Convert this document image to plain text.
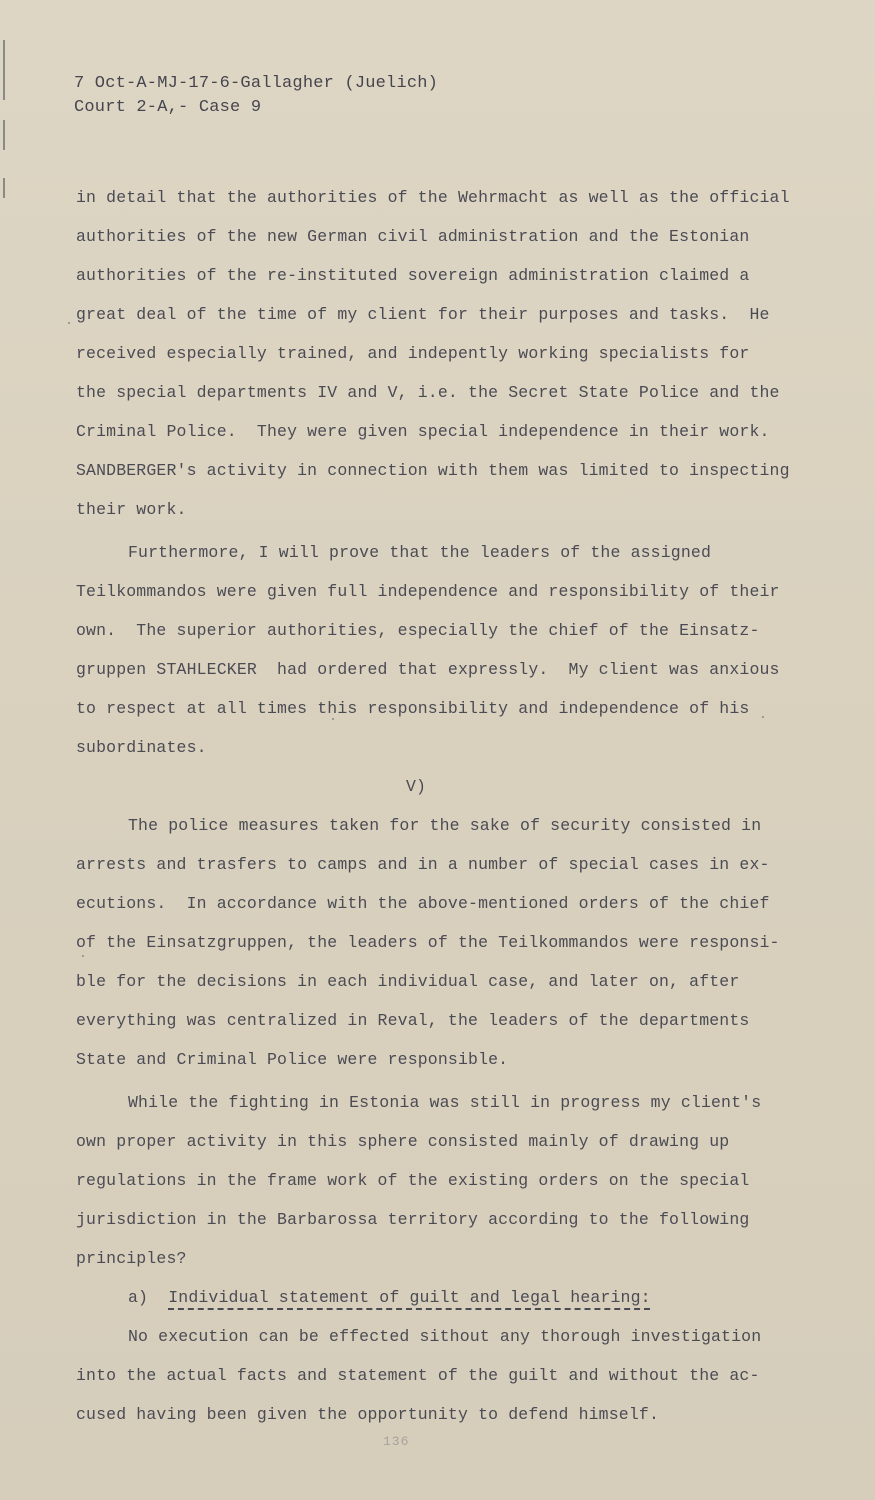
7 Oct-A-MJ-17-6-Gallagher (Juelich)
Court 2-A,- Case 9
in detail that the authorities of the Wehrmacht as well as the official
authorities of the new German civil administration and the Estonian
authorities of the re-instituted sovereign administration claimed a
great deal of the time of my client for their purposes and tasks.  He
received especially trained, and indepently working specialists for
the special departments IV and V, i.e. the Secret State Police and the
Criminal Police.  They were given special independence in their work.
SANDBERGER's activity in connection with them was limited to inspecting
their work.
Furthermore, I will prove that the leaders of the assigned
Teilkommandos were given full independence and responsibility of their
own.  The superior authorities, especially the chief of the Einsatz-
gruppen STAHLECKER  had ordered that expressly.  My client was anxious
to respect at all times this responsibility and independence of his
subordinates.
V)
The police measures taken for the sake of security consisted in
arrests and trasfers to camps and in a number of special cases in ex-
ecutions.  In accordance with the above-mentioned orders of the chief
of the Einsatzgruppen, the leaders of the Teilkommandos were responsi-
ble for the decisions in each individual case, and later on, after
everything was centralized in Reval, the leaders of the departments
State and Criminal Police were responsible.
While the fighting in Estonia was still in progress my client's
own proper activity in this sphere consisted mainly of drawing up
regulations in the frame work of the existing orders on the special
jurisdiction in the Barbarossa territory according to the following
principles?
a) Individual statement of guilt and legal hearing:
No execution can be effected sithout any thorough investigation
into the actual facts and statement of the guilt and without the ac-
cused having been given the opportunity to defend himself.
136
